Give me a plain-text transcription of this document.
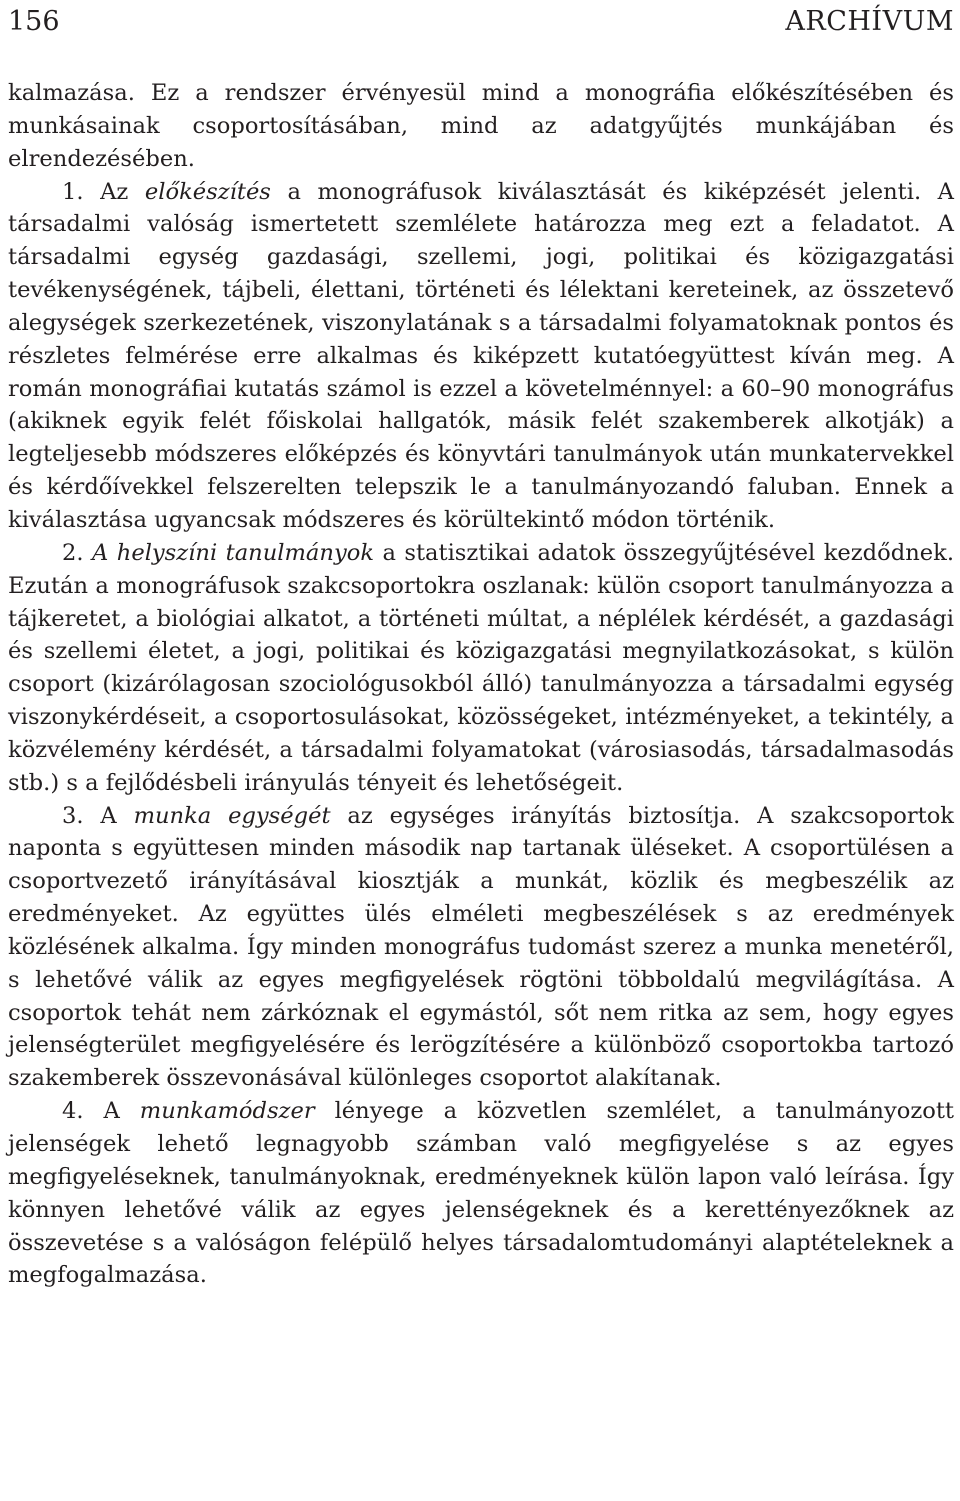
156	ARCHÍVUM

kalmazása. Ez a rendszer érvényesül mind a monográfia előkészítésében és munkásainak csoportosításában, mind az adatgyűjtés munkájában és elrendezésében.

1. Az előkészítés a monográfusok kiválasztását és kiképzését jelenti. A társadalmi valóság ismertetett szemlélete határozza meg ezt a feladatot. A társadalmi egység gazdasági, szellemi, jogi, politikai és közigazgatási tevékenységének, tájbeli, élettani, történeti és lélektani kereteinek, az összetevő alegységek szerkezetének, viszonylatának s a társadalmi folyamatoknak pontos és részletes felmérése erre alkalmas és kiképzett kutatóegyüttest kíván meg. A román monográfiai kutatás számol is ezzel a követelménnyel: a 60–90 monográfus (akiknek egyik felét főiskolai hallgatók, másik felét szakemberek alkotják) a legteljesebb módszeres előképzés és könyvtári tanulmányok után munkatervekkel és kérdőívekkel felszerelten telepszik le a tanulmányozandó faluban. Ennek a kiválasztása ugyancsak módszeres és körültekintő módon történik.

2. A helyszíni tanulmányok a statisztikai adatok összegyűjtésével kezdődnek. Ezután a monográfusok szakcsoportokra oszlanak: külön csoport tanulmányozza a tájkeretet, a biológiai alkatot, a történeti múltat, a néplélek kérdését, a gazdasági és szellemi életet, a jogi, politikai és közigazgatási megnyilatkozásokat, s külön csoport (kizárólagosan szociológusokból álló) tanulmányozza a társadalmi egység viszonykérdéseit, a csoportosulásokat, közösségeket, intézményeket, a tekintély, a közvélemény kérdését, a társadalmi folyamatokat (városiasodás, társadalmasodás stb.) s a fejlődésbeli irányulás tényeit és lehetőségeit.

3. A munka egységét az egységes irányítás biztosítja. A szakcsoportok naponta s együttesen minden második nap tartanak üléseket. A csoportülésen a csoportvezető irányításával kiosztják a munkát, közlik és megbeszélik az eredményeket. Az együttes ülés elméleti megbeszélések s az eredmények közlésének alkalma. Így minden monográfus tudomást szerez a munka menetéről, s lehetővé válik az egyes megfigyelések rögtöni többoldalú megvilágítása. A csoportok tehát nem zárkóznak el egymástól, sőt nem ritka az sem, hogy egyes jelenségterület megfigyelésére és lerögzítésére a különböző csoportokba tartozó szakemberek összevonásával különleges csoportot alakítanak.

4. A munkamódszer lényege a közvetlen szemlélet, a tanulmányozott jelenségek lehető legnagyobb számban való megfigyelése s az egyes megfigyeléseknek, tanulmányoknak, eredményeknek külön lapon való leírása. Így könnyen lehetővé válik az egyes jelenségeknek és a kerettényezőknek az összevetése s a valóságon felépülő helyes társadalomtudományi alaptételeknek a megfogalmazása.
